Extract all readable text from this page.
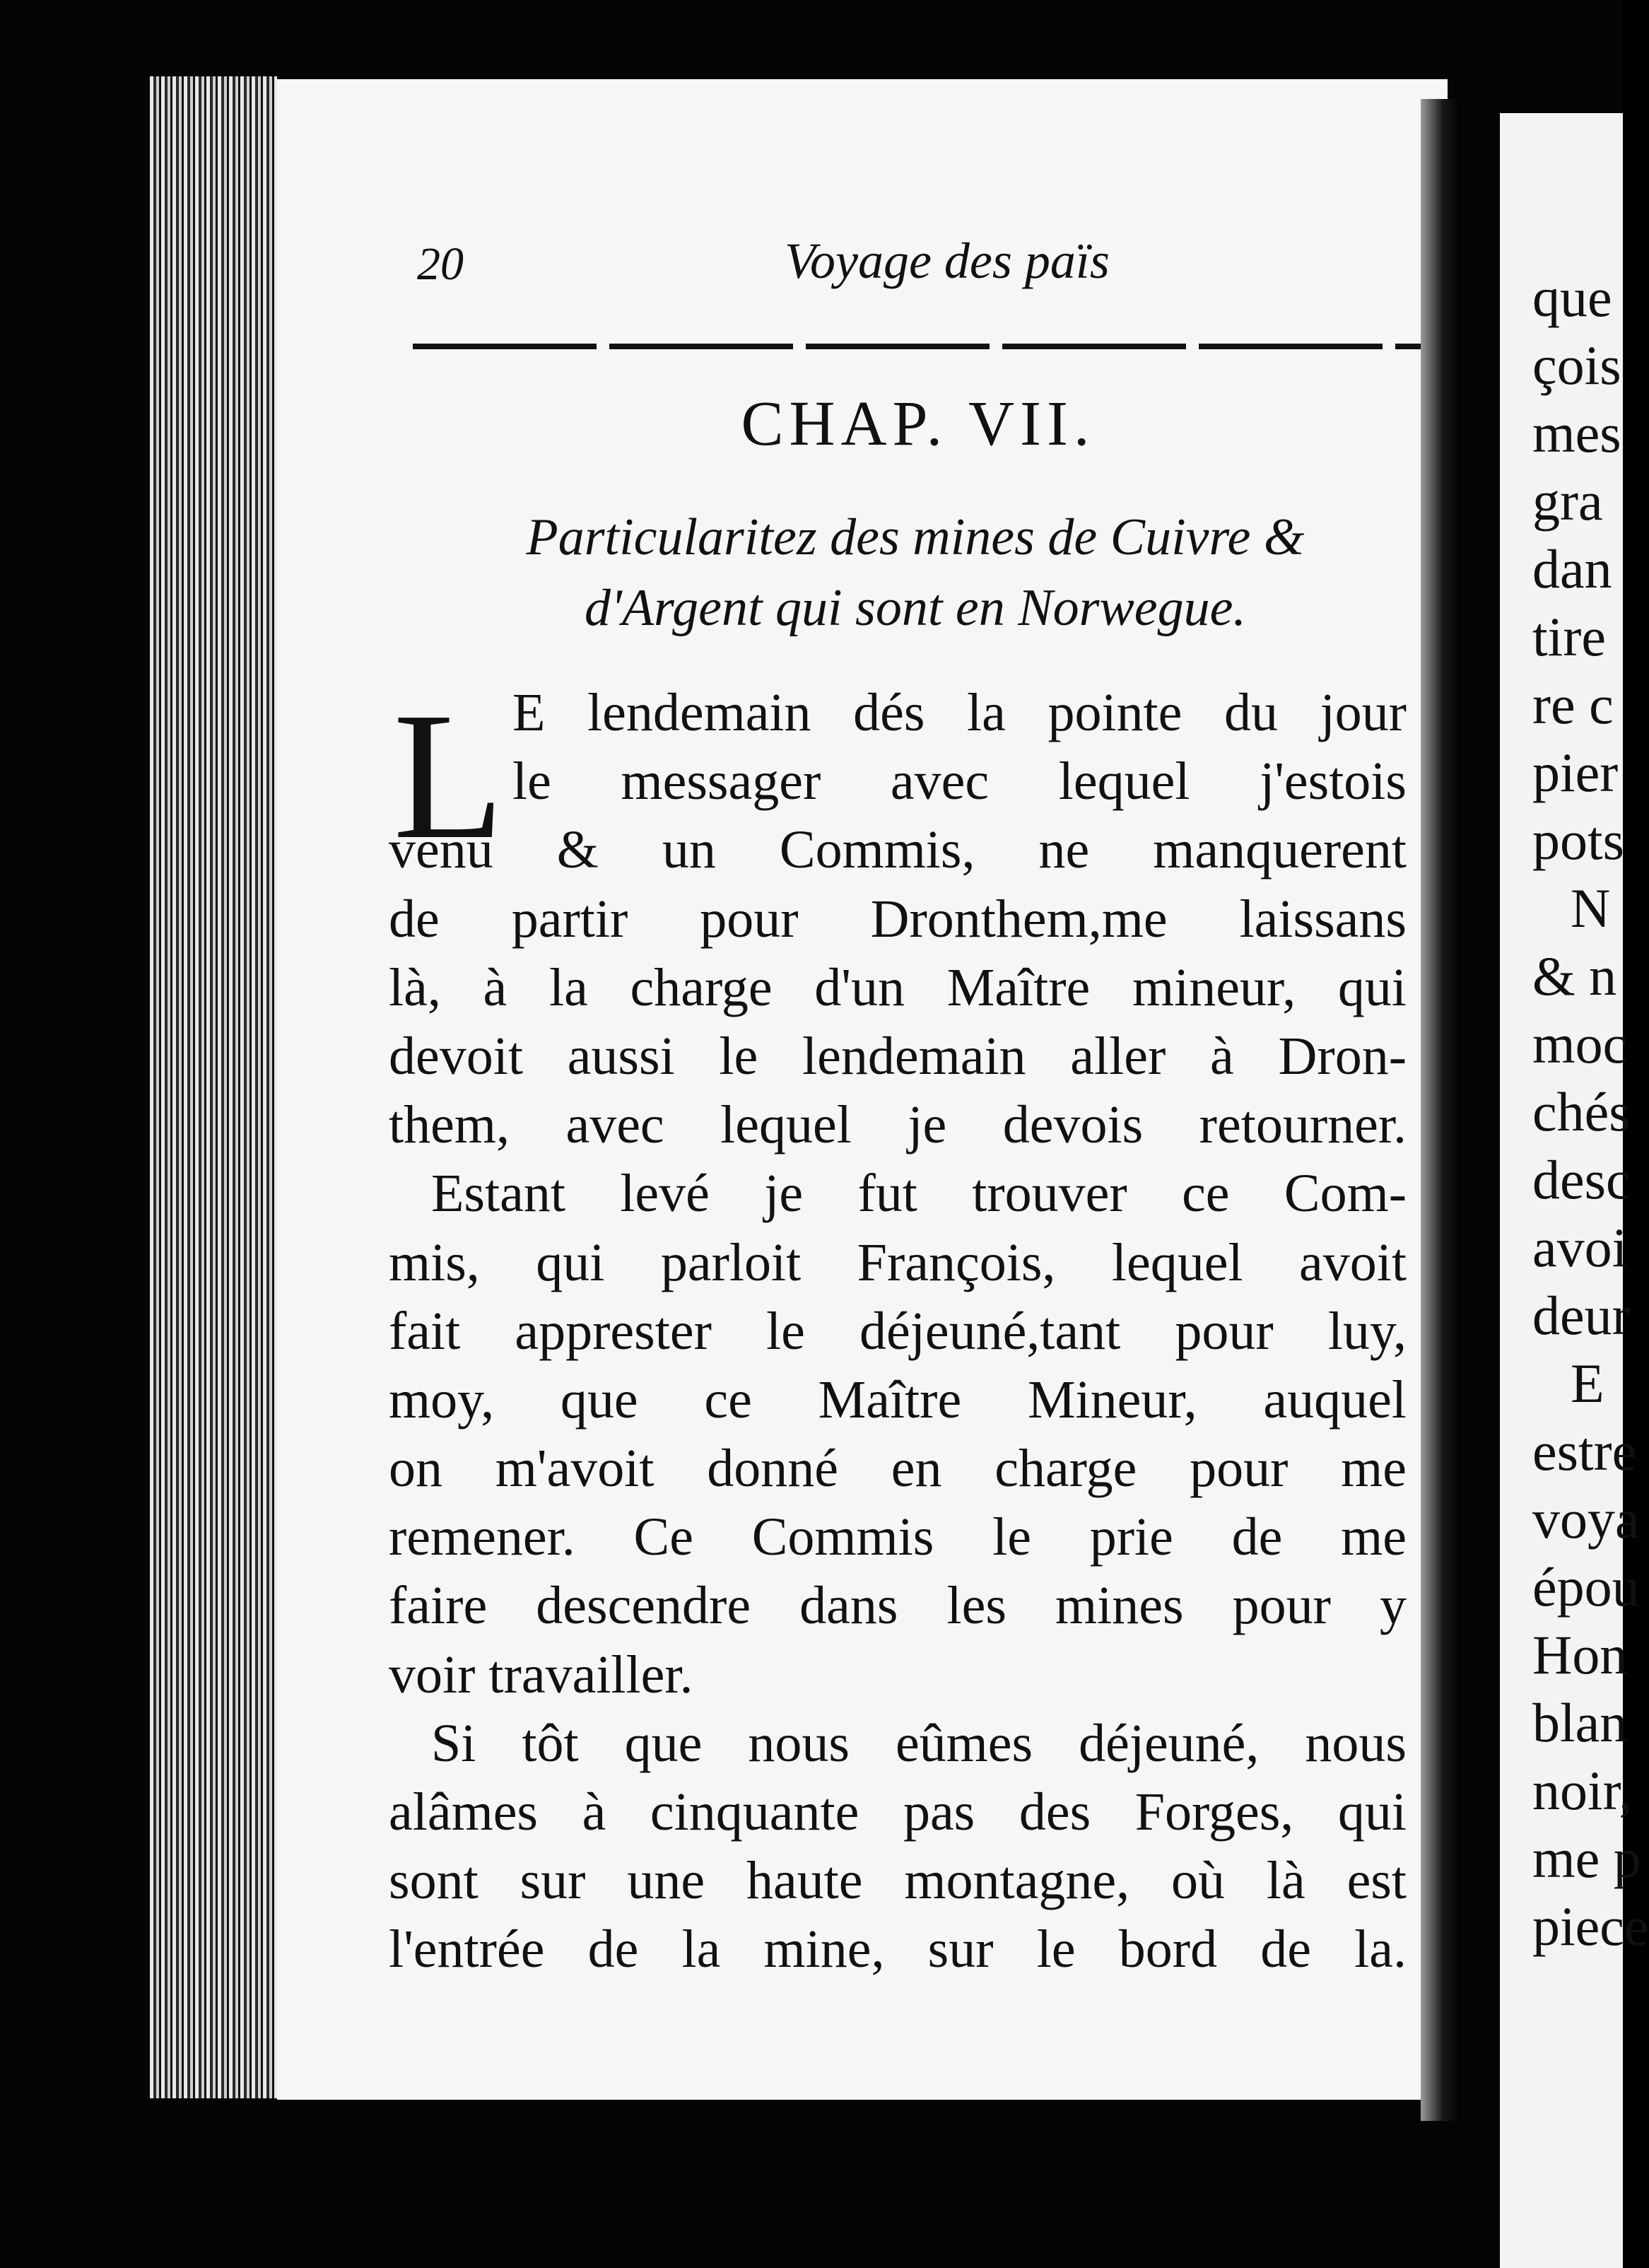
20	Voyage des païs
CHAP. VII.
Particularitez des mines de Cuivre &
d'Argent qui sont en Norwegue.
L E lendemain dés la pointe du jour
le messager avec lequel j'estois
venu & un Commis, ne manquerent
de partir pour Dronthem,me laissans
là, à la charge d'un Maître mineur, qui
devoit aussi le lendemain aller à Dron-
them, avec lequel je devois retourner.
Estant levé je fut trouver ce Com-
mis, qui parloit François, lequel avoit
fait apprester le déjeuné,tant pour luy,
moy, que ce Maître Mineur, auquel
on m'avoit donné en charge pour me
remener. Ce Commis le prie de me
faire descendre dans les mines pour y
voir travailler.
Si tôt que nous eûmes déjeuné, nous
alâmes à cinquante pas des Forges, qui
sont sur une haute montagne, où là est
l'entrée de la mine, sur le bord de la.
que
çois
mes
gra
dan
tire
re c
pier
pots
N
& n
moc
chés
desc
avoi
deur
E
estre
voya
épou
Hon
blan
noir,
me p
piece
